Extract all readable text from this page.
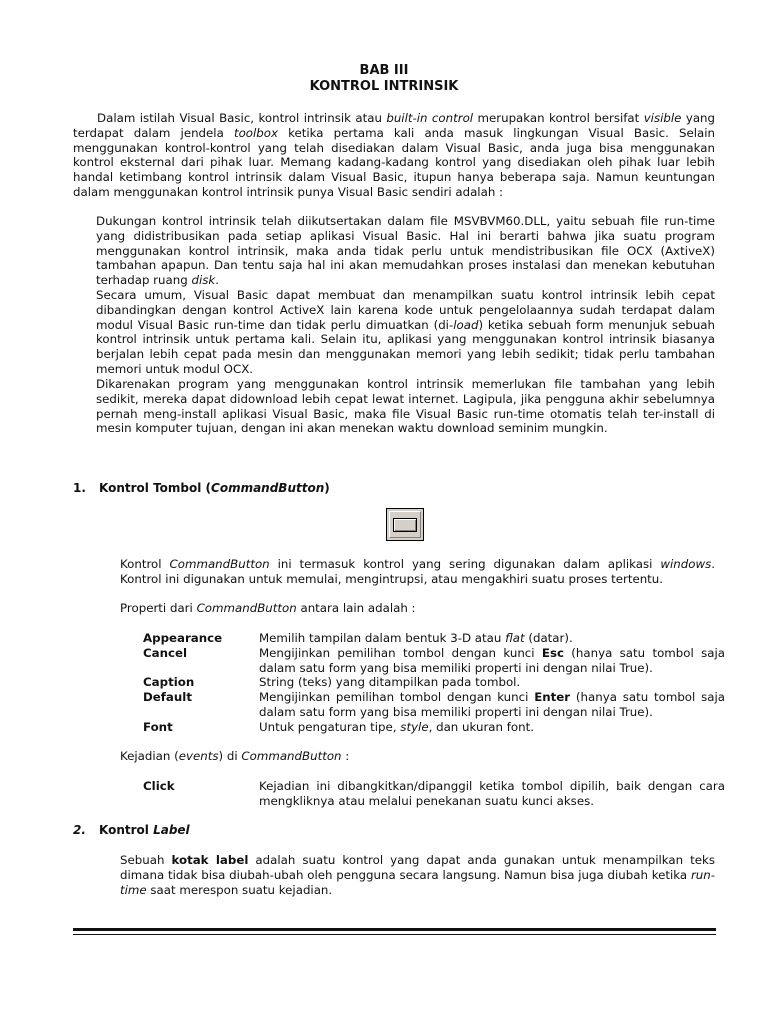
BAB III
KONTROL INTRINSIK

Dalam istilah Visual Basic, kontrol intrinsik atau built-in control merupakan kontrol bersifat visible yang terdapat dalam jendela toolbox ketika pertama kali anda masuk lingkungan Visual Basic. Selain menggunakan kontrol-kontrol yang telah disediakan dalam Visual Basic, anda juga bisa menggunakan kontrol eksternal dari pihak luar. Memang kadang-kadang kontrol yang disediakan oleh pihak luar lebih handal ketimbang kontrol intrinsik dalam Visual Basic, itupun hanya beberapa saja. Namun keuntungan dalam menggunakan kontrol intrinsik punya Visual Basic sendiri adalah :

Dukungan kontrol intrinsik telah diikutsertakan dalam file MSVBVM60.DLL, yaitu sebuah file run-time yang didistribusikan pada setiap aplikasi Visual Basic. Hal ini berarti bahwa jika suatu program menggunakan kontrol intrinsik, maka anda tidak perlu untuk mendistribusikan file OCX (AxtiveX) tambahan apapun. Dan tentu saja hal ini akan memudahkan proses instalasi dan menekan kebutuhan terhadap ruang disk.

Secara umum, Visual Basic dapat membuat dan menampilkan suatu kontrol intrinsik lebih cepat dibandingkan dengan kontrol ActiveX lain karena kode untuk pengelolaannya sudah terdapat dalam modul Visual Basic run-time dan tidak perlu dimuatkan (di-load) ketika sebuah form menunjuk sebuah kontrol intrinsik untuk pertama kali. Selain itu, aplikasi yang menggunakan kontrol intrinsik biasanya berjalan lebih cepat pada mesin dan menggunakan memori yang lebih sedikit; tidak perlu tambahan memori untuk modul OCX.

Dikarenakan program yang menggunakan kontrol intrinsik memerlukan file tambahan yang lebih sedikit, mereka dapat didownload lebih cepat lewat internet. Lagipula, jika pengguna akhir sebelumnya pernah meng-install aplikasi Visual Basic, maka file Visual Basic run-time otomatis telah ter-install di mesin komputer tujuan, dengan ini akan menekan waktu download seminim mungkin.

1. Kontrol Tombol (CommandButton)

Kontrol CommandButton ini termasuk kontrol yang sering digunakan dalam aplikasi windows. Kontrol ini digunakan untuk memulai, mengintrupsi, atau mengakhiri suatu proses tertentu.

Properti dari CommandButton antara lain adalah :

Appearance	Memilih tampilan dalam bentuk 3-D atau flat (datar).
Cancel	Mengijinkan pemilihan tombol dengan kunci Esc (hanya satu tombol saja dalam satu form yang bisa memiliki properti ini dengan nilai True).
Caption	String (teks) yang ditampilkan pada tombol.
Default	Mengijinkan pemilihan tombol dengan kunci Enter (hanya satu tombol saja dalam satu form yang bisa memiliki properti ini dengan nilai True).
Font	Untuk pengaturan tipe, style, dan ukuran font.

Kejadian (events) di CommandButton :

Click	Kejadian ini dibangkitkan/dipanggil ketika tombol dipilih, baik dengan cara mengkliknya atau melalui penekanan suatu kunci akses.
2. Kontrol Label

Sebuah kotak label adalah suatu kontrol yang dapat anda gunakan untuk menampilkan teks dimana tidak bisa diubah-ubah oleh pengguna secara langsung. Namun bisa juga diubah ketika run-time saat merespon suatu kejadian.
